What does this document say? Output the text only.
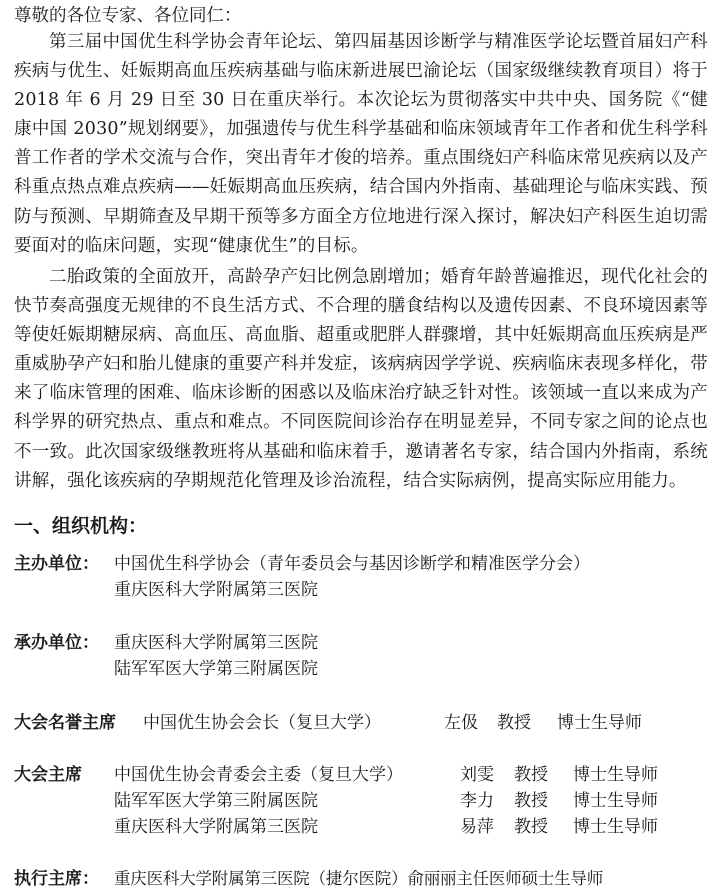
尊敬的各位专家、各位同仁：

第三届中国优生科学协会青年论坛、第四届基因诊断学与精准医学论坛暨首届妇产科疾病与优生、妊娠期高血压疾病基础与临床新进展巴渝论坛（国家级继续教育项目）将于 2018 年 6 月 29 日至 30 日在重庆举行。本次论坛为贯彻落实中共中央、国务院《“健康中国 2030”规划纲要》，加强遗传与优生科学基础和临床领域青年工作者和优生科学科普工作者的学术交流与合作，突出青年才俊的培养。重点围绕妇产科临床常见疾病以及产科重点热点难点疾病——妊娠期高血压疾病，结合国内外指南、基础理论与临床实践、预防与预测、早期筛查及早期干预等多方面全方位地进行深入探讨，解决妇产科医生迫切需要面对的临床问题，实现“健康优生”的目标。

二胎政策的全面放开，高龄孕产妇比例急剧增加；婚育年龄普遍推迟，现代化社会的快节奏高强度无规律的不良生活方式、不合理的膳食结构以及遗传因素、不良环境因素等等使妊娠期糖尿病、高血压、高血脂、超重或肥胖人群骤增，其中妊娠期高血压疾病是严重威胁孕产妇和胎儿健康的重要产科并发症，该病病因学学说、疾病临床表现多样化，带来了临床管理的困难、临床诊断的困惑以及临床治疗缺乏针对性。该领域一直以来成为产科学界的研究热点、重点和难点。不同医院间诊治存在明显差异，不同专家之间的论点也不一致。此次国家级继教班将从基础和临床着手，邀请著名专家，结合国内外指南，系统讲解，强化该疾病的孕期规范化管理及诊治流程，结合实际病例，提高实际应用能力。

一、组织机构：
主办单位： 中国优生科学协会（青年委员会与基因诊断学和精准医学分会）
重庆医科大学附属第三医院
承办单位： 重庆医科大学附属第三医院
陆军军医大学第三附属医院
大会名誉主席 中国优生协会会长（复旦大学）	左伋 教授 博士生导师
大会主席 中国优生协会青委会主委（复旦大学）	刘雯 教授 博士生导师
陆军军医大学第三附属医院	李力 教授 博士生导师
重庆医科大学附属第三医院	易萍 教授 博士生导师
执行主席： 重庆医科大学附属第三医院（捷尔医院）俞丽丽主任医师硕士生导师
